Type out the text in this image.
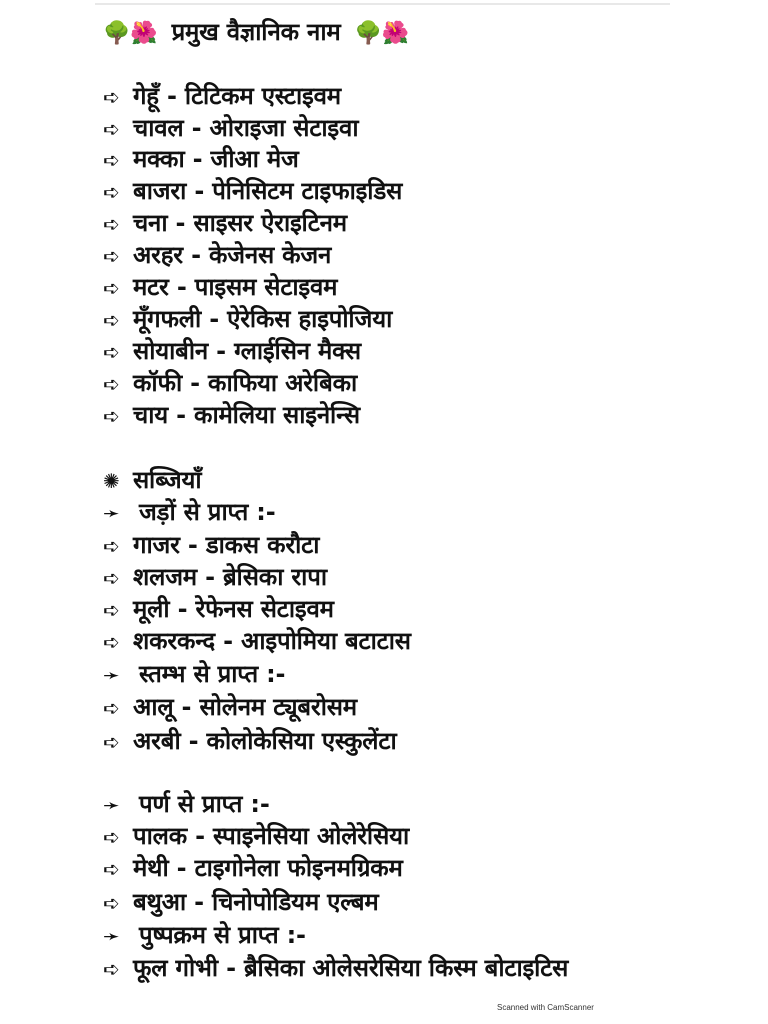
🌳🌺 प्रमुख वैज्ञानिक नाम 🌳🌺
➪ गेहूँ - टिटिकम एस्टाइवम
➪ चावल - ओराइजा सेटाइवा
➪ मक्का - जीआ मेज
➪ बाजरा - पेनिसिटम टाइफाइडिस
➪ चना - साइसर ऐराइटिनम
➪ अरहर - केजेनस केजन
➪ मटर - पाइसम सेटाइवम
➪ मूँगफली - ऐरेकिस हाइपोजिया
➪ सोयाबीन - ग्लाईसिन मैक्स
➪ कॉफी - काफिया अरेबिका
➪ चाय - कामेलिया साइनेन्सि
✺ सब्जियाँ
➛ जड़ों से प्राप्त :-
➪ गाजर - डाकस करौटा
➪ शलजम - ब्रेसिका रापा
➪ मूली - रेफेनस सेटाइवम
➪ शकरकन्द - आइपोमिया बटाटास
➛ स्तम्भ से प्राप्त :-
➪ आलू - सोलेनम ट्यूबरोसम
➪ अरबी - कोलोकेसिया एस्कुलेंटा
➛ पर्ण से प्राप्त :-
➪ पालक - स्पाइनेसिया ओलेरेसिया
➪ मेथी - टाइगोनेला फोइनमग्रिकम
➪ बथुआ - चिनोपोडियम एल्बम
➛ पुष्पक्रम से प्राप्त :-
➪ फूल गोभी - ब्रैसिका ओलेसरेसिया किस्म बोटाइटिस
Scanned with CamScanner
